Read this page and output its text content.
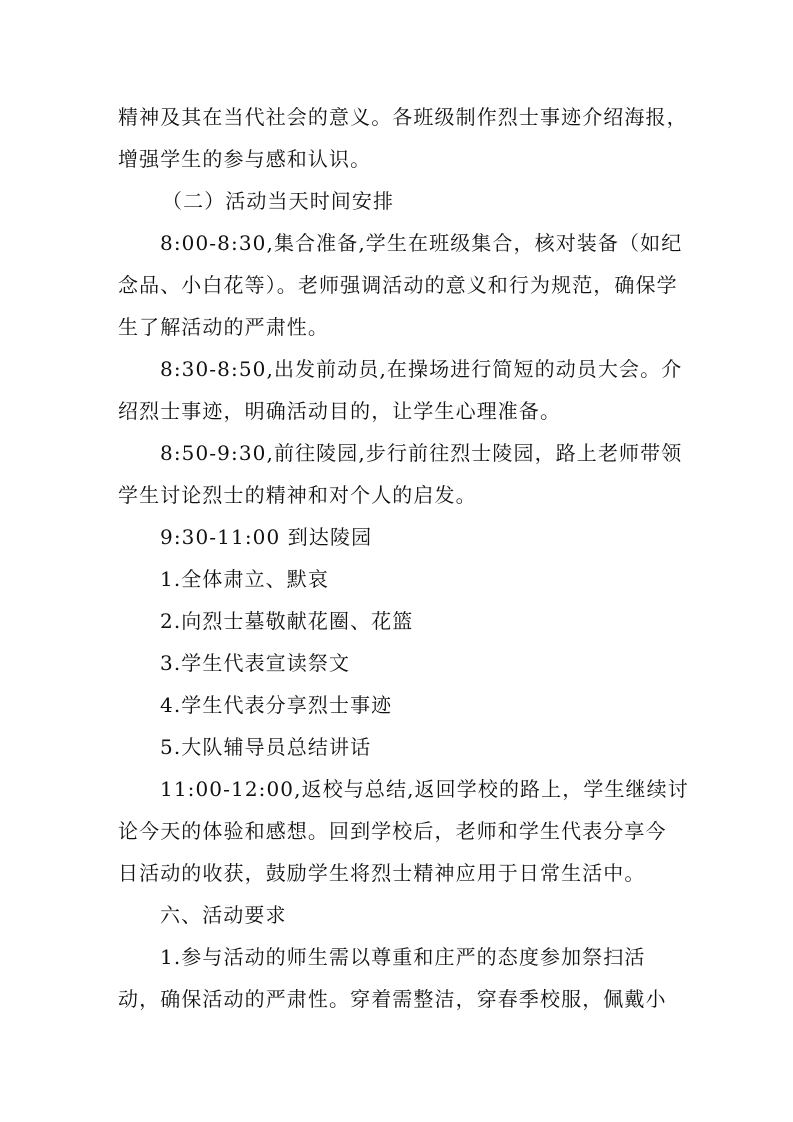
精神及其在当代社会的意义。各班级制作烈士事迹介绍海报，
增强学生的参与感和认识。
（二）活动当天时间安排
8:00-8:30,集合准备,学生在班级集合，核对装备（如纪
念品、小白花等）。老师强调活动的意义和行为规范，确保学
生了解活动的严肃性。
8:30-8:50,出发前动员,在操场进行简短的动员大会。介
绍烈士事迹，明确活动目的，让学生心理准备。
8:50-9:30,前往陵园,步行前往烈士陵园，路上老师带领
学生讨论烈士的精神和对个人的启发。
9:30-11:00 到达陵园
1.全体肃立、默哀
2.向烈士墓敬献花圈、花篮
3.学生代表宣读祭文
4.学生代表分享烈士事迹
5.大队辅导员总结讲话
11:00-12:00,返校与总结,返回学校的路上，学生继续讨
论今天的体验和感想。回到学校后，老师和学生代表分享今
日活动的收获，鼓励学生将烈士精神应用于日常生活中。
六、活动要求
1.参与活动的师生需以尊重和庄严的态度参加祭扫活
动，确保活动的严肃性。穿着需整洁，穿春季校服，佩戴小
